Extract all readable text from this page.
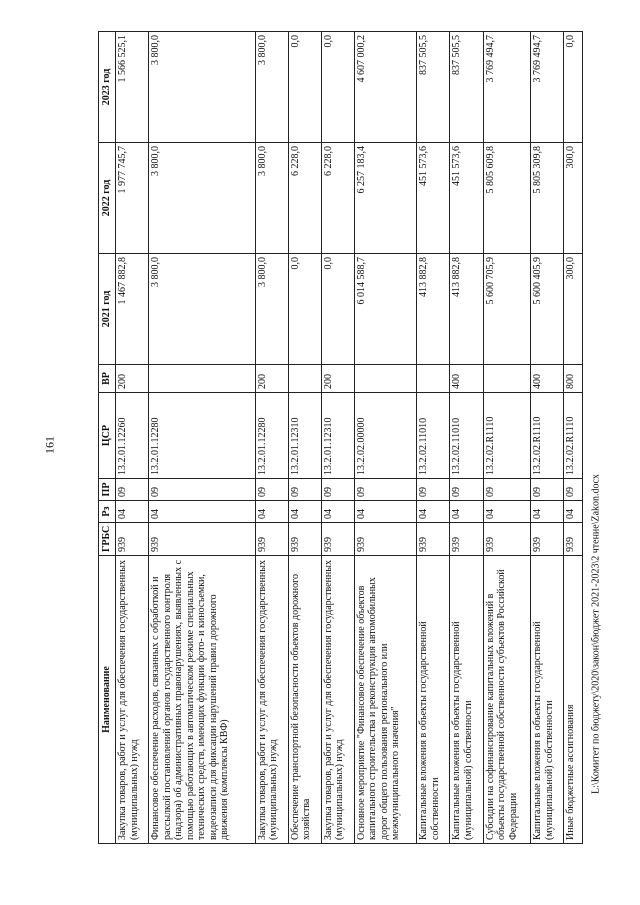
161
Наименование	ГРБС	Рз	ПР	ЦСР	ВР	2021 год	2022 год	2023 год
Закупка товаров, работ и услуг для обеспечения государственных (муниципальных) нужд	939	04	09	13.2.01.12260	200	1 467 882,8	1 977 745,7	1 566 525,1
Финансовое обеспечение расходов, связанных с обработкой и рассылкой постановлений органов государственного контроля (надзора) об административных правонарушениях, выявленных с помощью работающих в автоматическом режиме специальных технических средств, имеющих функции фото- и киносъемки, видеозаписи для фиксации нарушений правил дорожного движения (комплексы КВФ)	939	04	09	13.2.01.12280		3 800,0	3 800,0	3 800,0
Закупка товаров, работ и услуг для обеспечения государственных (муниципальных) нужд	939	04	09	13.2.01.12280	200	3 800,0	3 800,0	3 800,0
Обеспечение транспортной безопасности объектов дорожного хозяйства	939	04	09	13.2.01.12310		0,0	6 228,0	0,0
Закупка товаров, работ и услуг для обеспечения государственных (муниципальных) нужд	939	04	09	13.2.01.12310	200	0,0	6 228,0	0,0
Основное мероприятие "Финансовое обеспечение объектов капитального строительства и реконструкция автомобильных дорог общего пользования регионального или межмуниципального значения"	939	04	09	13.2.02.00000		6 014 588,7	6 257 183,4	4 607 000,2
Капитальные вложения в объекты государственной собственности	939	04	09	13.2.02.11010		413 882,8	451 573,6	837 505,5
Капитальные вложения в объекты государственной (муниципальной) собственности	939	04	09	13.2.02.11010	400	413 882,8	451 573,6	837 505,5
Субсидии на софинансирование капитальных вложений в объекты государственной собственности субъектов Российской Федерации	939	04	09	13.2.02.R1110		5 600 705,9	5 805 609,8	3 769 494,7
Капитальные вложения в объекты государственной (муниципальной) собственности	939	04	09	13.2.02.R1110	400	5 600 405,9	5 805 309,8	3 769 494,7
Иные бюджетные ассигнования	939	04	09	13.2.02.R1110	800	300,0	300,0	0,0
L:\Комитет по бюджету\2020\закон\бюджет 2021-2023\2 чтение\Zakon.docx
